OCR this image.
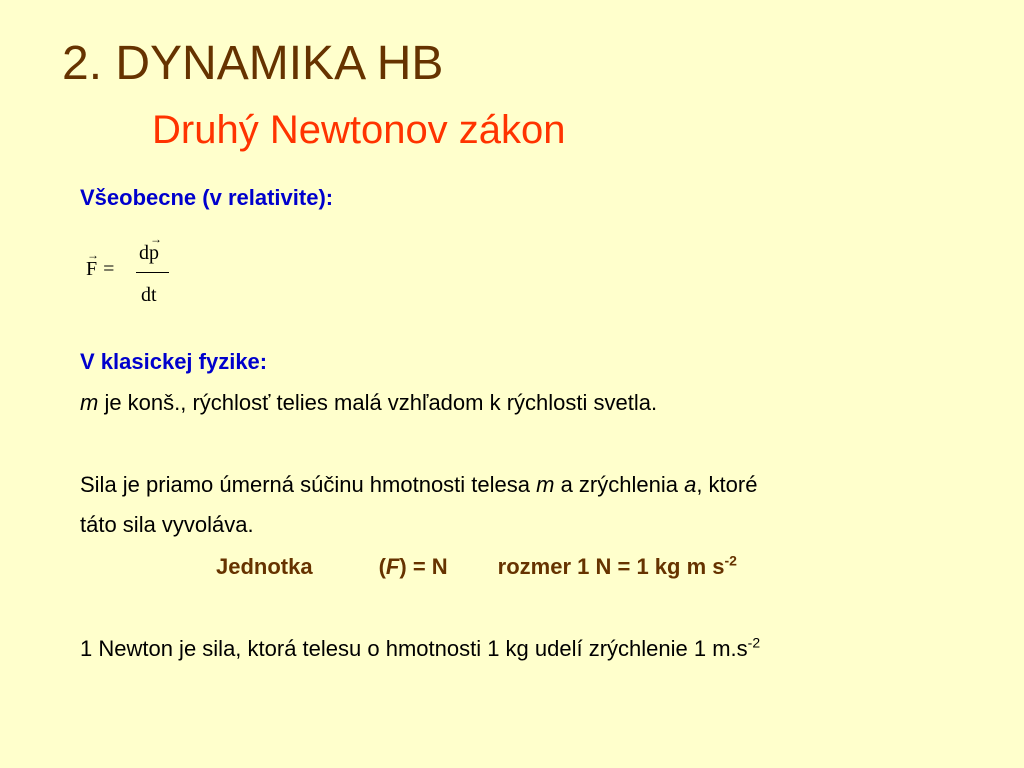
2. DYNAMIKA HB
Druhý Newtonov zákon
Všeobecne (v relativite):
→
F =
d
→
p
dt
V klasickej fyzike:
m je konš., rýchlosť telies malá vzhľadom k rýchlosti svetla.
Sila je priamo úmerná súčinu hmotnosti telesa m a zrýchlenia a, ktoré
táto sila vyvoláva.
Jednotka	(F) = N rozmer 1 N = 1 kg m $s^{-2}$
1 Newton je sila, ktorá telesu o hmotnosti 1 kg udelí zrýchlenie 1 $m.s^{-2}$
